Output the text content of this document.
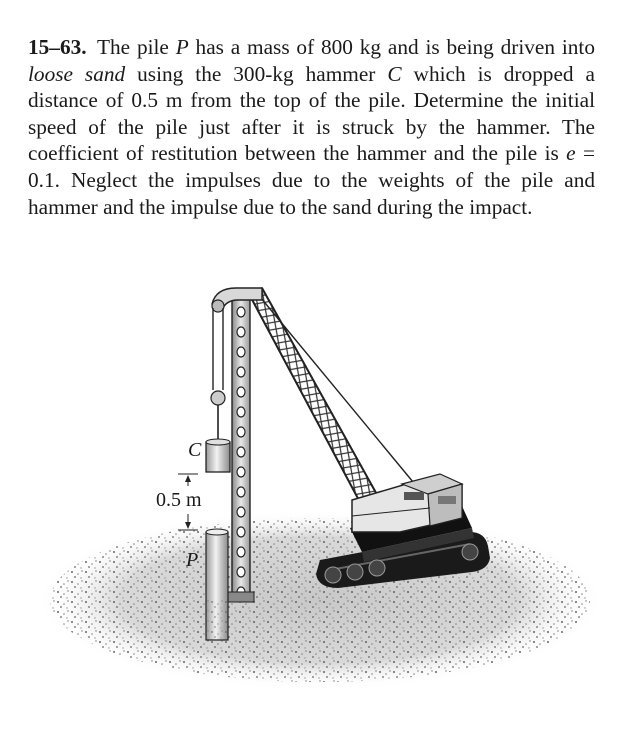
15–63. The pile P has a mass of 800 kg and is being driven into loose sand using the 300-kg hammer C which is dropped a distance of 0.5 m from the top of the pile. Determine the initial speed of the pile just after it is struck by the hammer. The coefficient of restitution between the hammer and the pile is e = 0.1. Neglect the impulses due to the weights of the pile and hammer and the impulse due to the sand during the impact.

C
0.5 m
P
